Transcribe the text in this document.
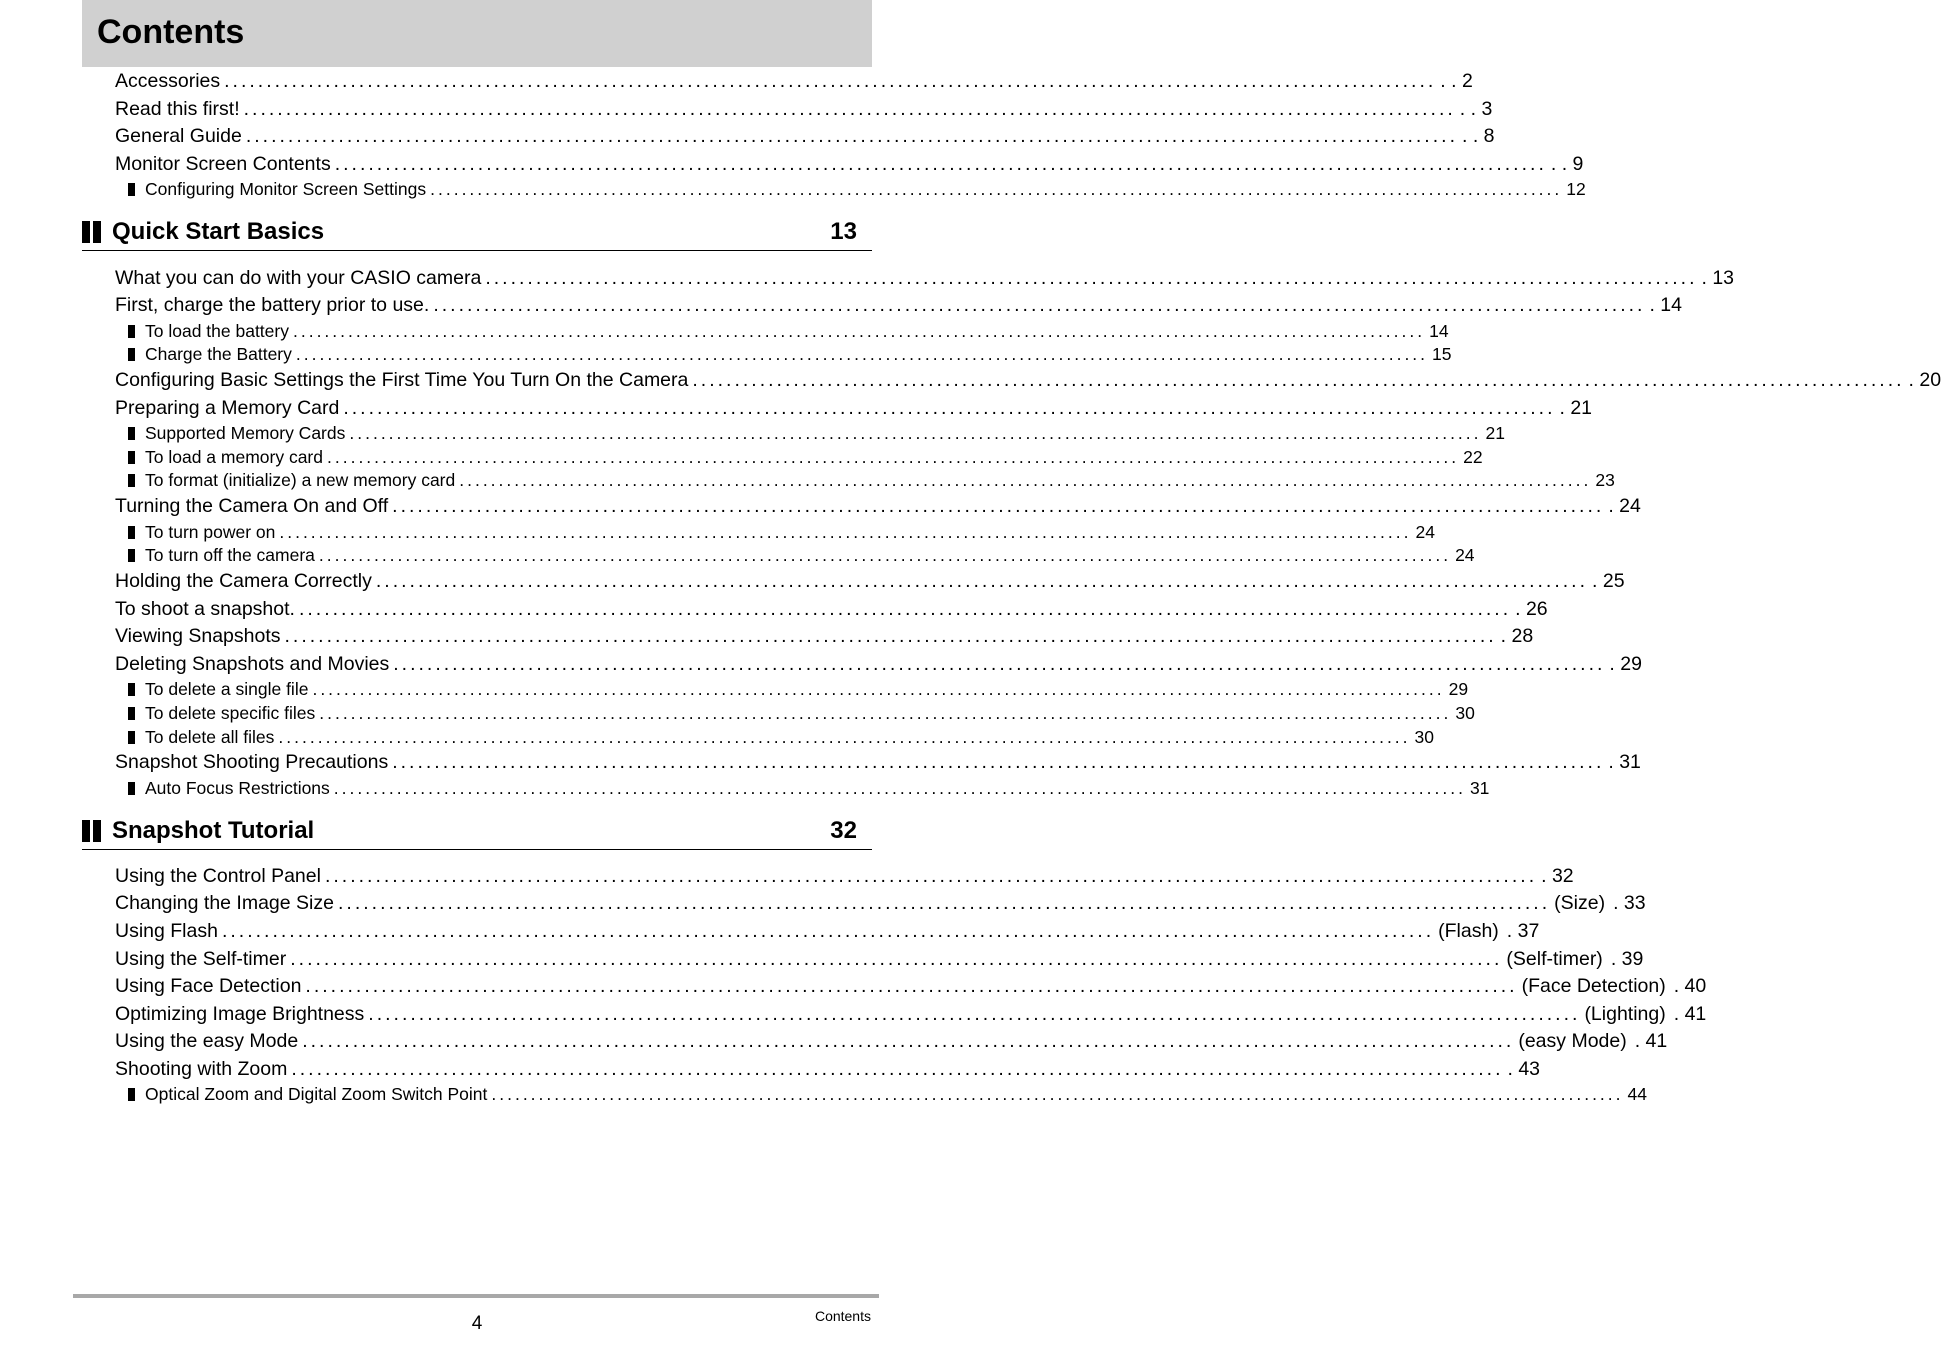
Contents
Accessories ................................................................................................................................................ . . 2
Read this first! ................................................................................................................................................ . . 3
General Guide ................................................................................................................................................ . . 8
Monitor Screen Contents ................................................................................................................................................ . . 9
Configuring Monitor Screen Settings ................................................................................................................................................ 12
Quick Start Basics	13
What you can do with your CASIO camera ................................................................................................................................................ . 13
First, charge the battery prior to use. ................................................................................................................................................ . 14
To load the battery ................................................................................................................................................ 14
Charge the Battery ................................................................................................................................................ 15
Configuring Basic Settings the First Time You Turn On the Camera ................................................................................................................................................ . 20
Preparing a Memory Card ................................................................................................................................................ . 21
Supported Memory Cards ................................................................................................................................................ 21
To load a memory card ................................................................................................................................................ 22
To format (initialize) a new memory card ................................................................................................................................................ 23
Turning the Camera On and Off ................................................................................................................................................ . 24
To turn power on ................................................................................................................................................ 24
To turn off the camera ................................................................................................................................................ 24
Holding the Camera Correctly ................................................................................................................................................ . 25
To shoot a snapshot. ................................................................................................................................................ . 26
Viewing Snapshots ................................................................................................................................................ . 28
Deleting Snapshots and Movies ................................................................................................................................................ . 29
To delete a single file ................................................................................................................................................ 29
To delete specific files ................................................................................................................................................ 30
To delete all files ................................................................................................................................................ 30
Snapshot Shooting Precautions ................................................................................................................................................ . 31
Auto Focus Restrictions ................................................................................................................................................ 31
Snapshot Tutorial	32
Using the Control Panel ................................................................................................................................................ . 32
Changing the Image Size ................................................................................................................................................ (Size) . 33
Using Flash ................................................................................................................................................ (Flash) . 37
Using the Self-timer ................................................................................................................................................ (Self-timer) . 39
Using Face Detection ................................................................................................................................................ (Face Detection) . 40
Optimizing Image Brightness ................................................................................................................................................ (Lighting) . 41
Using the easy Mode ................................................................................................................................................ (easy Mode) . 41
Shooting with Zoom ................................................................................................................................................ . 43
Optical Zoom and Digital Zoom Switch Point ................................................................................................................................................ 44
4	Contents
